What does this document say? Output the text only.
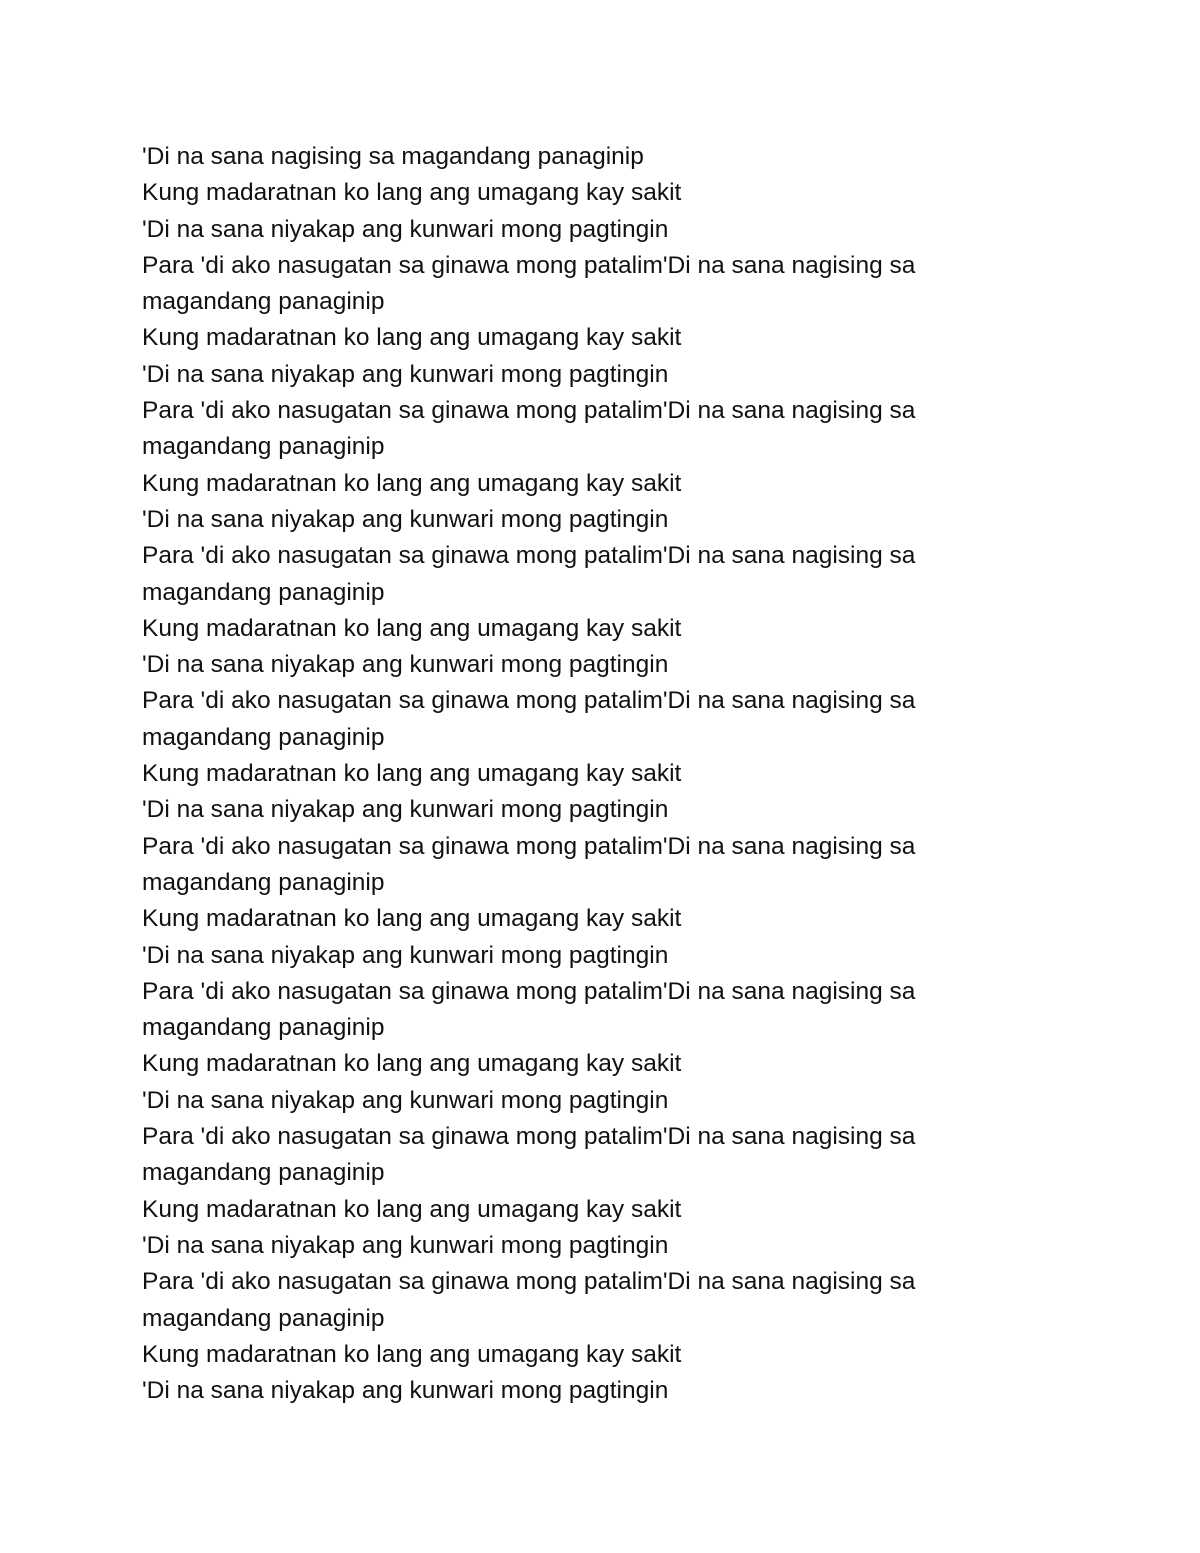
'Di na sana nagising sa magandang panaginip
Kung madaratnan ko lang ang umagang kay sakit
'Di na sana niyakap ang kunwari mong pagtingin
Para 'di ako nasugatan sa ginawa mong patalim'Di na sana nagising sa
magandang panaginip
Kung madaratnan ko lang ang umagang kay sakit
'Di na sana niyakap ang kunwari mong pagtingin
Para 'di ako nasugatan sa ginawa mong patalim'Di na sana nagising sa
magandang panaginip
Kung madaratnan ko lang ang umagang kay sakit
'Di na sana niyakap ang kunwari mong pagtingin
Para 'di ako nasugatan sa ginawa mong patalim'Di na sana nagising sa
magandang panaginip
Kung madaratnan ko lang ang umagang kay sakit
'Di na sana niyakap ang kunwari mong pagtingin
Para 'di ako nasugatan sa ginawa mong patalim'Di na sana nagising sa
magandang panaginip
Kung madaratnan ko lang ang umagang kay sakit
'Di na sana niyakap ang kunwari mong pagtingin
Para 'di ako nasugatan sa ginawa mong patalim'Di na sana nagising sa
magandang panaginip
Kung madaratnan ko lang ang umagang kay sakit
'Di na sana niyakap ang kunwari mong pagtingin
Para 'di ako nasugatan sa ginawa mong patalim'Di na sana nagising sa
magandang panaginip
Kung madaratnan ko lang ang umagang kay sakit
'Di na sana niyakap ang kunwari mong pagtingin
Para 'di ako nasugatan sa ginawa mong patalim'Di na sana nagising sa
magandang panaginip
Kung madaratnan ko lang ang umagang kay sakit
'Di na sana niyakap ang kunwari mong pagtingin
Para 'di ako nasugatan sa ginawa mong patalim'Di na sana nagising sa
magandang panaginip
Kung madaratnan ko lang ang umagang kay sakit
'Di na sana niyakap ang kunwari mong pagtingin
